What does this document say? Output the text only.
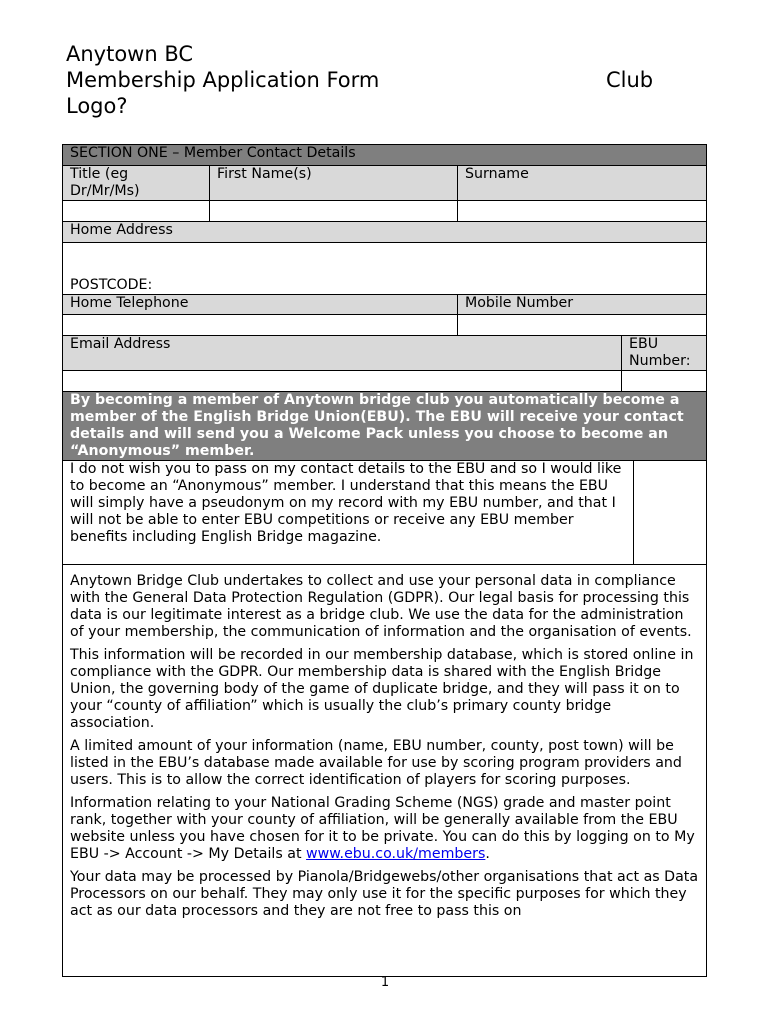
Anytown BC
Membership Application Form	Club
Logo?
SECTION ONE – Member Contact Details				
Title (eg Dr/Mr/Ms)	First Name(s)	Surname		

Home Address				
POSTCODE:				
Home Telephone		Mobile Number		

Email Address			EBU Number:	

By becoming a member of Anytown bridge club you automatically become a member of the English Bridge Union(EBU). The EBU will receive your contact details and will send you a Welcome Pack unless you choose to become an “Anonymous” member.				
I do not wish you to pass on my contact details to the EBU and so I would like to become an “Anonymous” member. I understand that this means the EBU will simply have a pseudonym on my record with my EBU number, and that I will not be able to enter EBU competitions or receive any EBU member benefits including English Bridge magazine.				

Anytown Bridge Club undertakes to collect and use your personal data in compliance with the General Data Protection Regulation (GDPR). Our legal basis for processing this data is our legitimate interest as a bridge club. We use the data for the administration of your membership, the communication of information and the organisation of events.

This information will be recorded in our membership database, which is stored online in compliance with the GDPR. Our membership data is shared with the English Bridge Union, the governing body of the game of duplicate bridge, and they will pass it on to your “county of affiliation” which is usually the club’s primary county bridge association.

A limited amount of your information (name, EBU number, county, post town) will be listed in the EBU’s database made available for use by scoring program providers and users. This is to allow the correct identification of players for scoring purposes.

Information relating to your National Grading Scheme (NGS) grade and master point rank, together with your county of affiliation, will be generally available from the EBU website unless you have chosen for it to be private. You can do this by logging on to My EBU -> Account -> My Details at www.ebu.co.uk/members.

Your data may be processed by Pianola/Bridgewebs/other organisations that act as Data Processors on our behalf. They may only use it for the specific purposes for which they act as our data processors and they are not free to pass this on				

1
